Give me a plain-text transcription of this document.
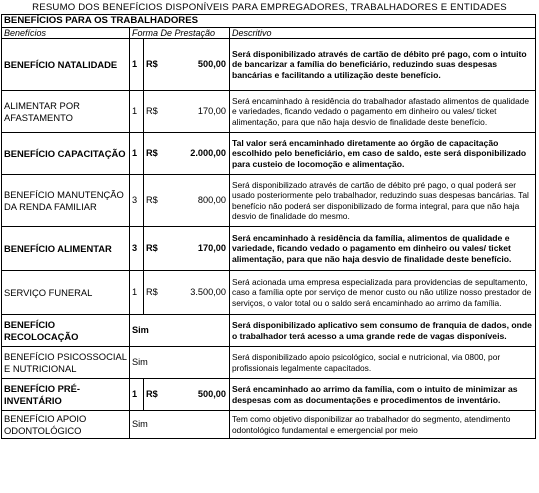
RESUMO DOS BENEFÍCIOS DISPONÍVEIS PARA EMPREGADORES, TRABALHADORES E ENTIDADES
BENEFÍCIOS PARA OS TRABALHADORES				
Benefícios	Forma De Prestação			Descritivo
BENEFÍCIO NATALIDADE	1	R$	500,00	Será disponibilizado através de cartão de débito pré pago, com o intuito de bancarizar a família do beneficiário, reduzindo suas despesas bancárias e facilitando a utilização deste benefício.
ALIMENTAR POR AFASTAMENTO	1	R$	170,00	Será encaminhado à residência do trabalhador afastado alimentos de qualidade e variedades, ficando vedado o pagamento em dinheiro ou vales/ ticket alimentação, para que não haja desvio de finalidade deste benefício.
BENEFÍCIO CAPACITAÇÃO	1	R$	2.000,00	Tal valor será encaminhado diretamente ao órgão de capacitação escolhido pelo beneficiário, em caso de saldo, este será disponibilizado para custeio de locomoção e alimentação.
BENEFÍCIO MANUTENÇÃO DA RENDA FAMILIAR	3	R$	800,00	Será disponibilizado através de cartão de débito pré pago, o qual poderá ser usado posteriormente pelo trabalhador, reduzindo suas despesas bancárias. Tal benefício não poderá ser disponibilizado de forma integral, para que não haja desvio de finalidade do mesmo.
BENEFÍCIO ALIMENTAR	3	R$	170,00	Será encaminhado à residência da família, alimentos de qualidade e variedade, ficando vedado o pagamento em dinheiro ou vales/ ticket alimentação, para que não haja desvio de finalidade deste benefício.
SERVIÇO FUNERAL	1	R$	3.500,00	Será acionada uma empresa especializada para providencias de sepultamento, caso a família opte por serviço de menor custo ou não utilize nosso prestador de serviços, o valor total ou o saldo será encaminhado ao arrimo da família.
BENEFÍCIO RECOLOCAÇÃO	Sim			Será disponibilizado aplicativo sem consumo de franquia de dados, onde o trabalhador terá acesso a uma grande rede de vagas disponíveis.
BENEFÍCIO PSICOSSOCIAL E NUTRICIONAL	Sim			Será disponibilizado apoio psicológico, social e nutricional, via 0800, por profissionais legalmente capacitados.
BENEFÍCIO PRÉ-INVENTÁRIO	1	R$	500,00	Será encaminhado ao arrimo da família, com o intuito de minimizar as despesas com as documentações e procedimentos de inventário.
BENEFÍCIO APOIO ODONTOLÓGICO	Sim			Tem como objetivo disponibilizar ao trabalhador do segmento, atendimento odontológico fundamental e emergencial por meio
